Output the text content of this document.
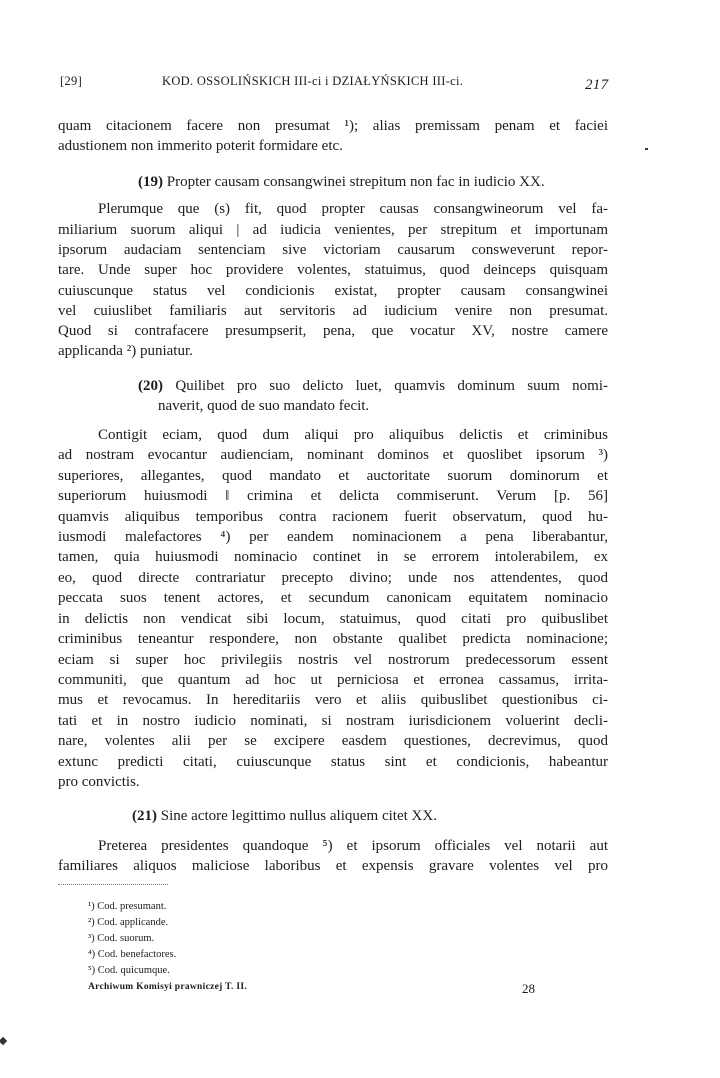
[29]	KOD. OSSOLIŃSKICH III-ci i DZIAŁYŃSKICH III-ci.	217
quam citacionem facere non presumat ¹); alias premissam penam et faciei
adustionem non immerito poterit formidare etc.
(19) Propter causam consangwinei strepitum non fac in iudicio XX.
Plerumque que (s) fit, quod propter causas consangwineorum vel fa-
miliarium suorum aliqui | ad iudicia venientes, per strepitum et importunam
ipsorum audaciam sentenciam sive victoriam causarum consweverunt repor-
tare. Unde super hoc providere volentes, statuimus, quod deinceps quisquam
cuiuscunque status vel condicionis existat, propter causam consangwinei
vel cuiuslibet familiaris aut servitoris ad iudicium venire non presumat.
Quod si contrafacere presumpserit, pena, que vocatur XV, nostre camere
applicanda ²) puniatur.
(20) Quilibet pro suo delicto luet, quamvis dominum suum nomi-
naverit, quod de suo mandato fecit.
Contigit eciam, quod dum aliqui pro aliquibus delictis et criminibus
ad nostram evocantur audienciam, nominant dominos et quoslibet ipsorum ³)
superiores, allegantes, quod mandato et auctoritate suorum dominorum et
superiorum huiusmodi ‖ crimina et delicta commiserunt. Verum [p. 56]
quamvis aliquibus temporibus contra racionem fuerit observatum, quod hu-
iusmodi malefactores ⁴) per eandem nominacionem a pena liberabantur,
tamen, quia huiusmodi nominacio continet in se errorem intolerabilem, ex
eo, quod directe contrariatur precepto divino; unde nos attendentes, quod
peccata suos tenent actores, et secundum canonicam equitatem nominacio
in delictis non vendicat sibi locum, statuimus, quod citati pro quibuslibet
criminibus teneantur respondere, non obstante qualibet predicta nominacione;
eciam si super hoc privilegiis nostris vel nostrorum predecessorum essent
communiti, que quantum ad hoc ut perniciosa et erronea cassamus, irrita-
mus et revocamus. In hereditariis vero et aliis quibuslibet questionibus ci-
tati et in nostro iudicio nominati, si nostram iurisdicionem voluerint decli-
nare, volentes alii per se excipere easdem questiones, decrevimus, quod
extunc predicti citati, cuiuscunque status sint et condicionis, habeantur
pro convictis.
(21) Sine actore legittimo nullus aliquem citet XX.
Preterea presidentes quandoque ⁵) et ipsorum officiales vel notarii aut
familiares aliquos maliciose laboribus et expensis gravare volentes vel pro
¹) Cod. presumant.
²) Cod. applicande.
³) Cod. suorum.
⁴) Cod. benefactores.
⁵) Cod. quicumque.
Archiwum Komisyi prawniczej T. II.	28
